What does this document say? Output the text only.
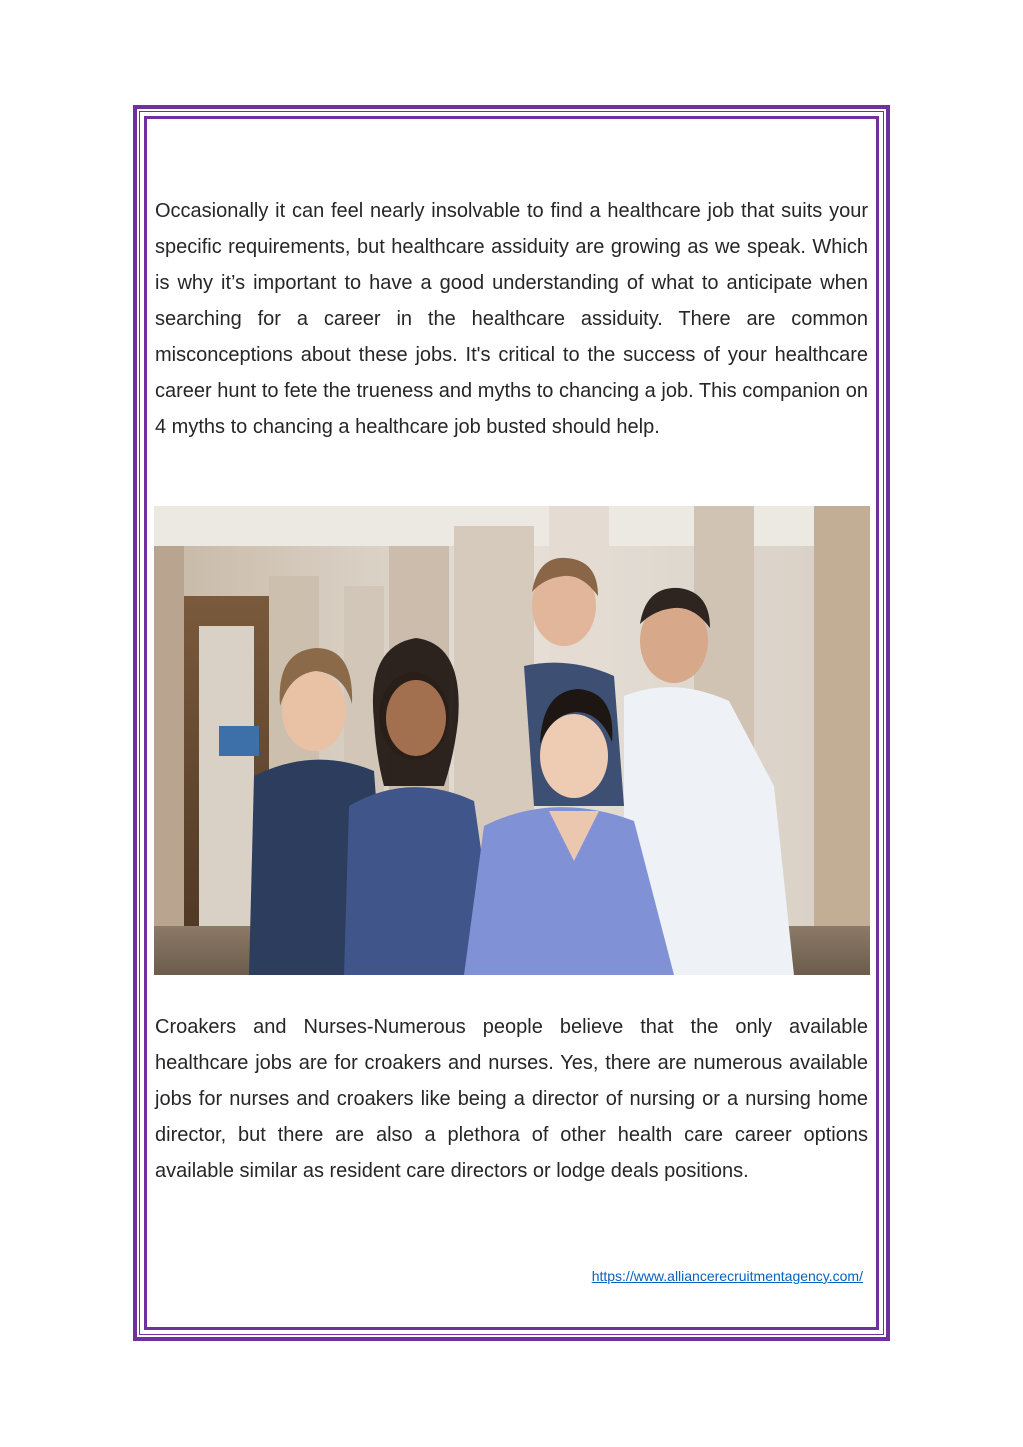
Occasionally it can feel nearly insolvable to find a healthcare job that suits your specific requirements, but healthcare assiduity are growing as we speak. Which is why it’s important to have a good understanding of what to anticipate when searching for a career in the healthcare assiduity. There are common misconceptions about these jobs. It's critical to the success of your healthcare career hunt to fete the trueness and myths to chancing a job. This companion on 4 myths to chancing a healthcare job busted should help.

Croakers and Nurses-Numerous people believe that the only available healthcare jobs are for croakers and nurses. Yes, there are numerous available jobs for nurses and croakers like being a director of nursing or a nursing home director, but there are also a plethora of other health care career options available similar as resident care directors or lodge deals positions.

https://www.alliancerecruitmentagency.com/
